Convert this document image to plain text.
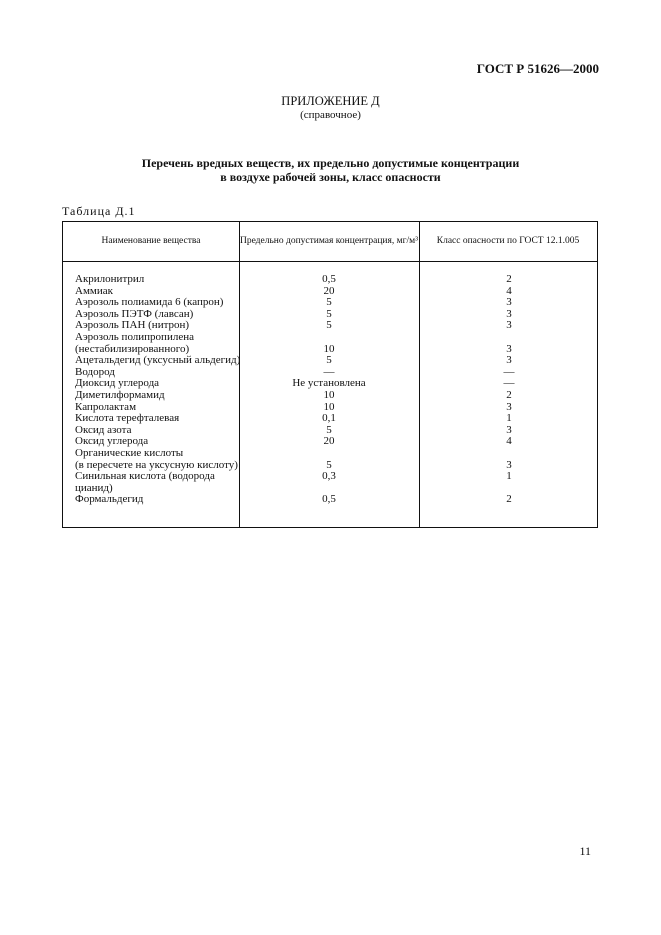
ГОСТ Р 51626—2000
ПРИЛОЖЕНИЕ Д
(справочное)
Перечень вредных веществ, их предельно допустимые концентрации
в воздухе рабочей зоны, класс опасности
Таблица Д.1
Наименование вещества	Предельно допустимая концентрация, мг/м³	Класс опасности по ГОСТ 12.1.005
Акрилонитрил	0,5	2
Аммиак	20	4
Аэрозоль полиамида 6 (капрон)	5	3
Аэрозоль ПЭТФ (лавсан)	5	3
Аэрозоль ПАН (нитрон)	5	3
Аэрозоль полипропилена
(нестабилизированного)	10	3
Ацетальдегид (уксусный альдегид)	5	3
Водород	—	—
Диоксид углерода	Не установлена	—
Диметилформамид	10	2
Капролактам	10	3
Кислота терефталевая	0,1	1
Оксид азота	5	3
Оксид углерода	20	4
Органические кислоты
(в пересчете на уксусную кислоту)	5	3
Синильная кислота (водорода	0,3	1
цианид)
Формальдегид	0,5	2
11
